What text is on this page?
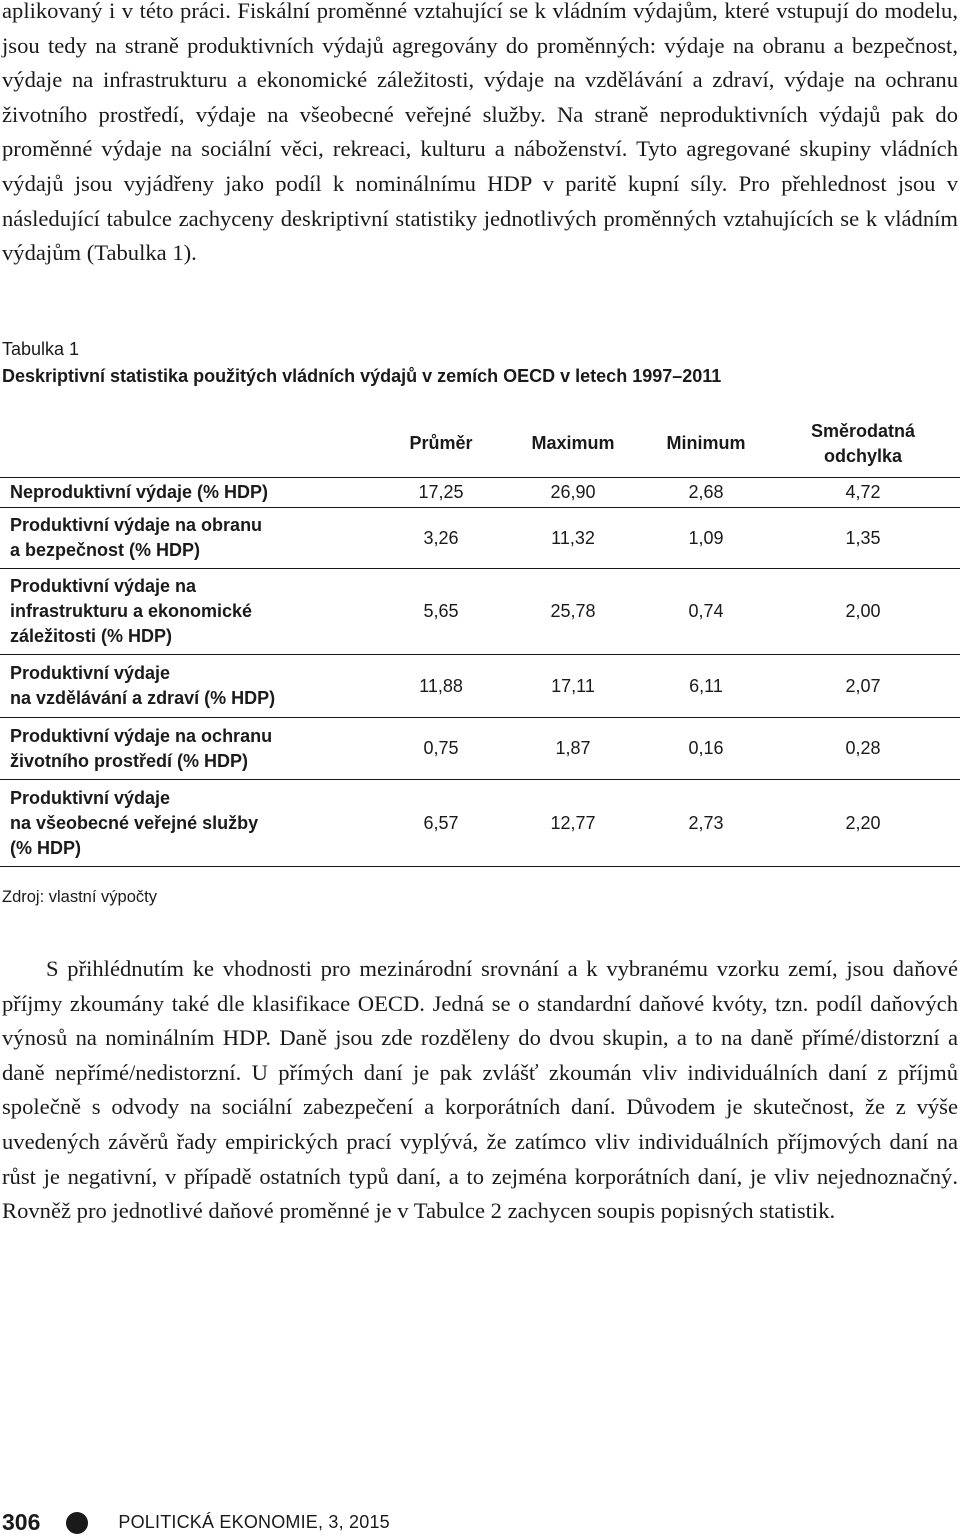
aplikovaný i v této práci. Fiskální proměnné vztahující se k vládním výdajům, které vstupují do modelu, jsou tedy na straně produktivních výdajů agregovány do proměnných: výdaje na obranu a bezpečnost, výdaje na infrastrukturu a ekonomické záležitosti, výdaje na vzdělávání a zdraví, výdaje na ochranu životního prostředí, výdaje na všeobecné veřejné služby. Na straně neproduktivních výdajů pak do proměnné výdaje na sociální věci, rekreaci, kulturu a náboženství. Tyto agregované skupiny vládních výdajů jsou vyjádřeny jako podíl k nominálnímu HDP v paritě kupní síly. Pro přehlednost jsou v následující tabulce zachyceny deskriptivní statistiky jednotlivých proměnných vztahujících se k vládním výdajům (Tabulka 1).

Tabulka 1
Deskriptivní statistika použitých vládních výdajů v zemích OECD v letech 1997–2011
	Průměr	Maximum	Minimum	Směrodatná odchylka
Neproduktivní výdaje (% HDP)	17,25	26,90	2,68	4,72
Produktivní výdaje na obranu
a bezpečnost (% HDP)	3,26	11,32	1,09	1,35
Produktivní výdaje na
infrastrukturu a ekonomické
záležitosti (% HDP)	5,65	25,78	0,74	2,00
Produktivní výdaje
na vzdělávání a zdraví (% HDP)	11,88	17,11	6,11	2,07
Produktivní výdaje na ochranu
životního prostředí (% HDP)	0,75	1,87	0,16	0,28
Produktivní výdaje
na všeobecné veřejné služby
(% HDP)	6,57	12,77	2,73	2,20
Zdroj: vlastní výpočty

S přihlédnutím ke vhodnosti pro mezinárodní srovnání a k vybranému vzorku zemí, jsou daňové příjmy zkoumány také dle klasifikace OECD. Jedná se o standardní daňové kvóty, tzn. podíl daňových výnosů na nominálním HDP. Daně jsou zde rozděleny do dvou skupin, a to na daně přímé/distorzní a daně nepřímé/nedistorzní. U přímých daní je pak zvlášť zkoumán vliv individuálních daní z příjmů společně s odvody na sociální zabezpečení a korporátních daní. Důvodem je skutečnost, že z výše uvedených závěrů řady empirických prací vyplývá, že zatímco vliv individuálních příjmových daní na růst je negativní, v případě ostatních typů daní, a to zejména korporátních daní, je vliv nejednoznačný. Rovněž pro jednotlivé daňové proměnné je v Tabulce 2 zachycen soupis popisných statistik.

306	POLITICKÁ EKONOMIE, 3, 2015
